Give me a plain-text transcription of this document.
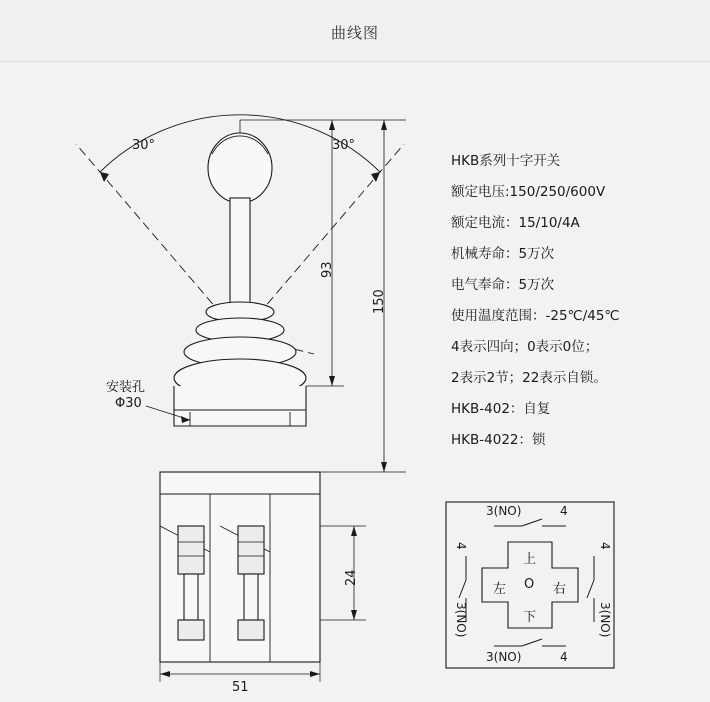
曲线图
30°	30°
150
93
24
51
安装孔
Φ30
3(NO)	4
4
3(NO)
4
3(NO)
3(NO)	4
上
左 O 右
下
HKB系列十字开关
额定电压:150/250/600V
额定电流：15/10/4A
机械寿命：5万次
电气奉命：5万次
使用温度范围：-25℃/45℃
4表示四向；0表示0位；
2表示2节；22表示自锁。
HKB-402：自复
HKB-4022：锁
